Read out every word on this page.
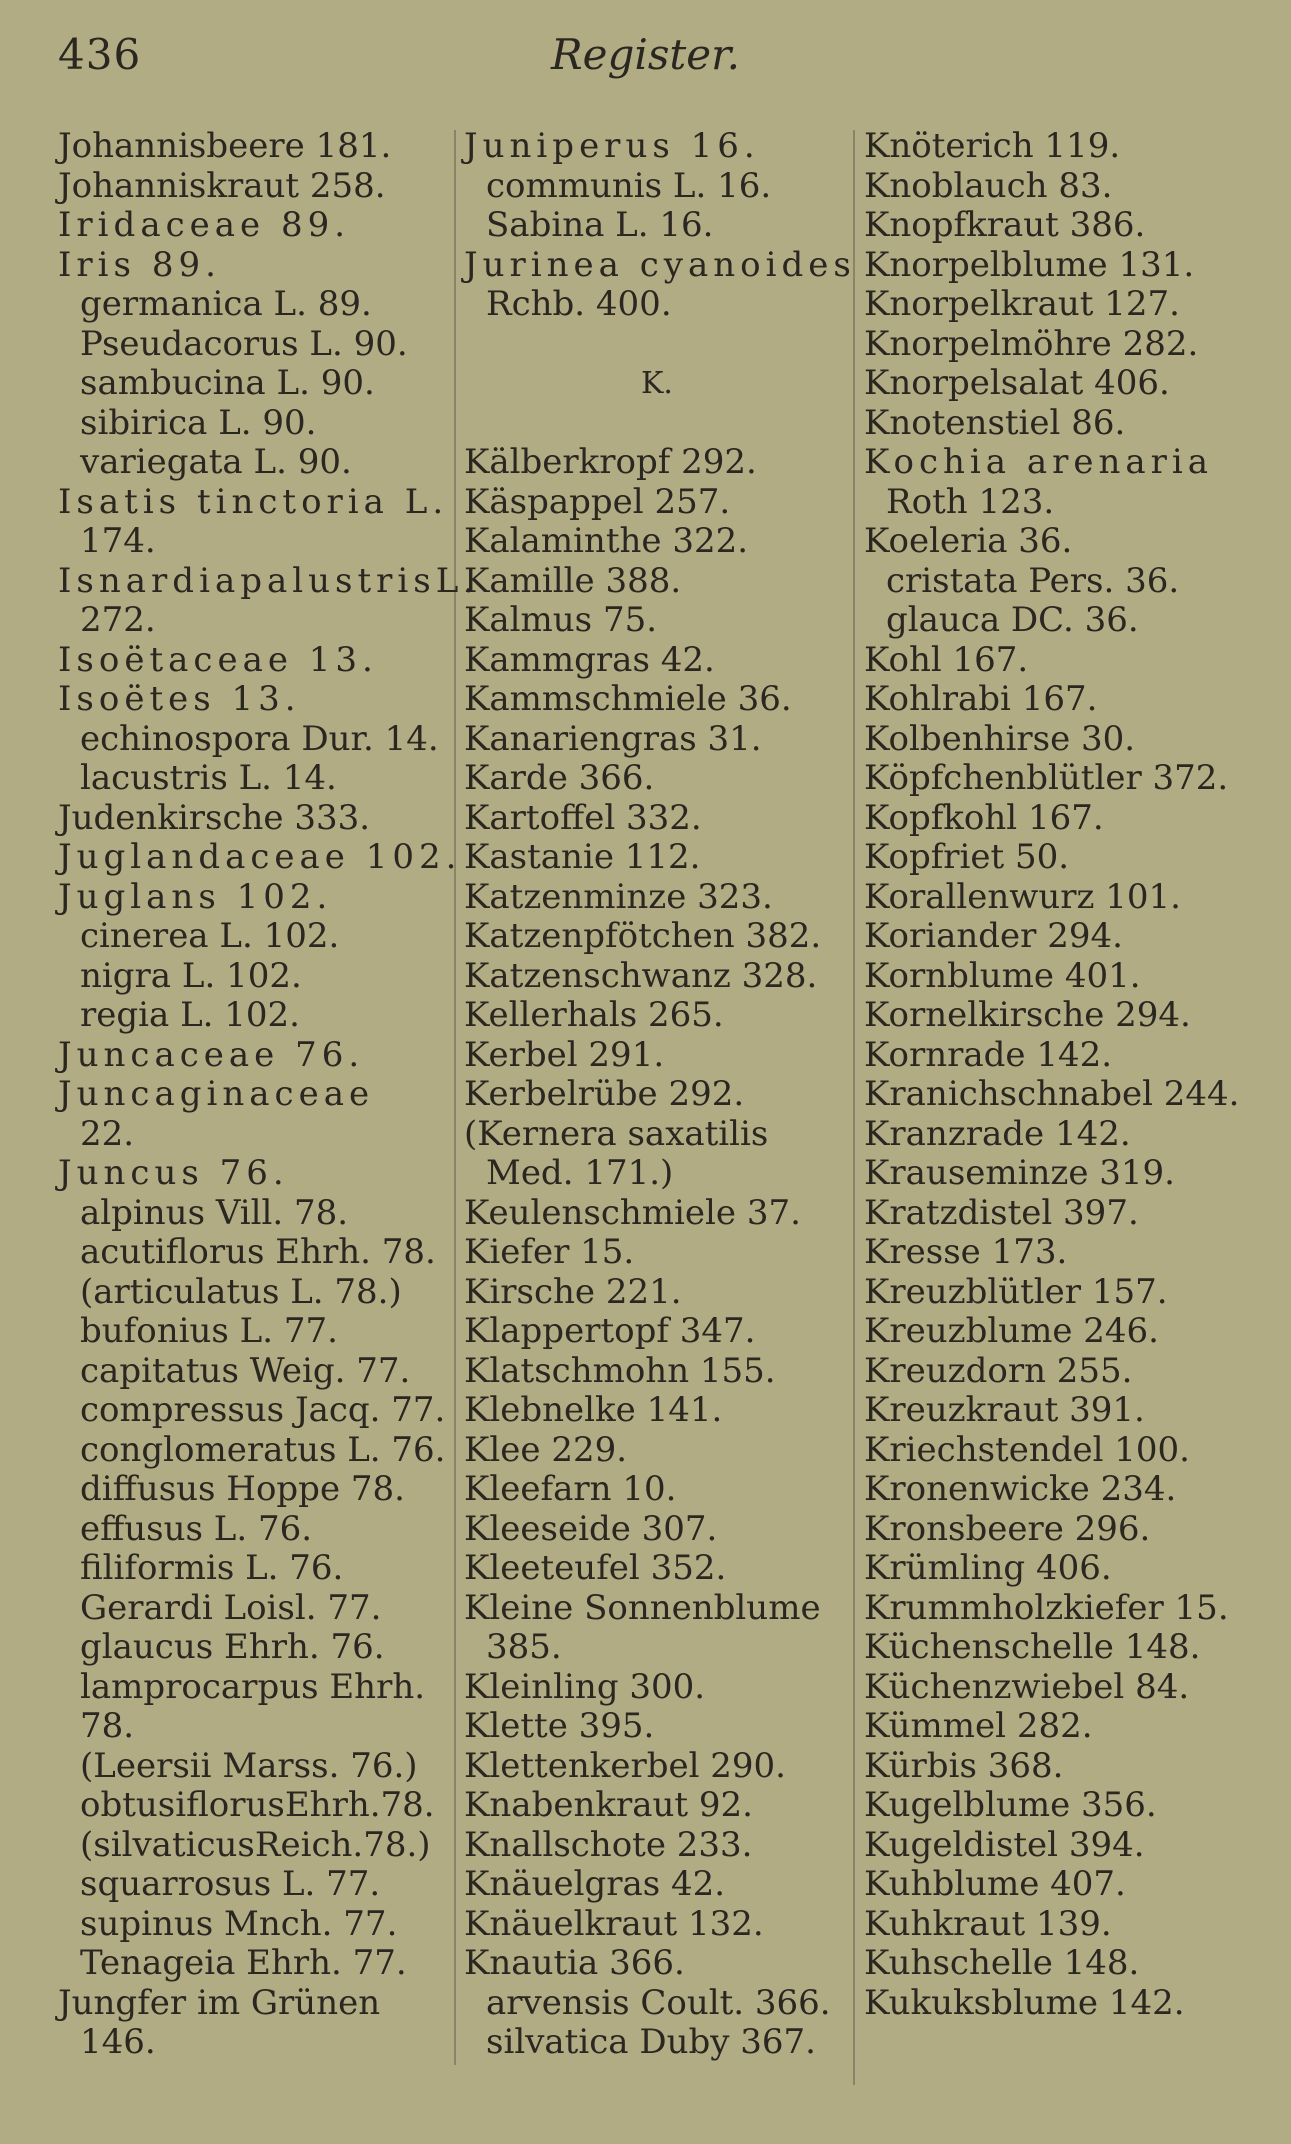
436	Register.
Johannisbeere 181.
Johanniskraut 258.
Iridaceae 89.
Iris 89.
germanica L. 89.
Pseudacorus L. 90.
sambucina L. 90.
sibirica L. 90.
variegata L. 90.
Isatis tinctoria L.
174.
IsnardiapalustrisL.
272.
Isoëtaceae 13.
Isoëtes 13.
echinospora Dur. 14.
lacustris L. 14.
Judenkirsche 333.
Juglandaceae 102.
Juglans 102.
cinerea L. 102.
nigra L. 102.
regia L. 102.
Juncaceae 76.
Juncaginaceae
22.
Juncus 76.
alpinus Vill. 78.
acutiflorus Ehrh. 78.
(articulatus L. 78.)
bufonius L. 77.
capitatus Weig. 77.
compressus Jacq. 77.
conglomeratus L. 76.
diffusus Hoppe 78.
effusus L. 76.
filiformis L. 76.
Gerardi Loisl. 77.
glaucus Ehrh. 76.
lamprocarpus Ehrh.
78.
(Leersii Marss. 76.)
obtusiflorusEhrh.78.
(silvaticusReich.78.)
squarrosus L. 77.
supinus Mnch. 77.
Tenageia Ehrh. 77.
Jungfer im Grünen
146.
Juniperus 16.
communis L. 16.
Sabina L. 16.
Jurinea cyanoides
Rchb. 400.
K.
Kälberkropf 292.
Käspappel 257.
Kalaminthe 322.
Kamille 388.
Kalmus 75.
Kammgras 42.
Kammschmiele 36.
Kanariengras 31.
Karde 366.
Kartoffel 332.
Kastanie 112.
Katzenminze 323.
Katzenpfötchen 382.
Katzenschwanz 328.
Kellerhals 265.
Kerbel 291.
Kerbelrübe 292.
(Kernera saxatilis
Med. 171.)
Keulenschmiele 37.
Kiefer 15.
Kirsche 221.
Klappertopf 347.
Klatschmohn 155.
Klebnelke 141.
Klee 229.
Kleefarn 10.
Kleeseide 307.
Kleeteufel 352.
Kleine Sonnenblume
385.
Kleinling 300.
Klette 395.
Klettenkerbel 290.
Knabenkraut 92.
Knallschote 233.
Knäuelgras 42.
Knäuelkraut 132.
Knautia 366.
arvensis Coult. 366.
silvatica Duby 367.
Knöterich 119.
Knoblauch 83.
Knopfkraut 386.
Knorpelblume 131.
Knorpelkraut 127.
Knorpelmöhre 282.
Knorpelsalat 406.
Knotenstiel 86.
Kochia arenaria
Roth 123.
Koeleria 36.
cristata Pers. 36.
glauca DC. 36.
Kohl 167.
Kohlrabi 167.
Kolbenhirse 30.
Köpfchenblütler 372.
Kopfkohl 167.
Kopfriet 50.
Korallenwurz 101.
Koriander 294.
Kornblume 401.
Kornelkirsche 294.
Kornrade 142.
Kranichschnabel 244.
Kranzrade 142.
Krauseminze 319.
Kratzdistel 397.
Kresse 173.
Kreuzblütler 157.
Kreuzblume 246.
Kreuzdorn 255.
Kreuzkraut 391.
Kriechstendel 100.
Kronenwicke 234.
Kronsbeere 296.
Krümling 406.
Krummholzkiefer 15.
Küchenschelle 148.
Küchenzwiebel 84.
Kümmel 282.
Kürbis 368.
Kugelblume 356.
Kugeldistel 394.
Kuhblume 407.
Kuhkraut 139.
Kuhschelle 148.
Kukuksblume 142.
